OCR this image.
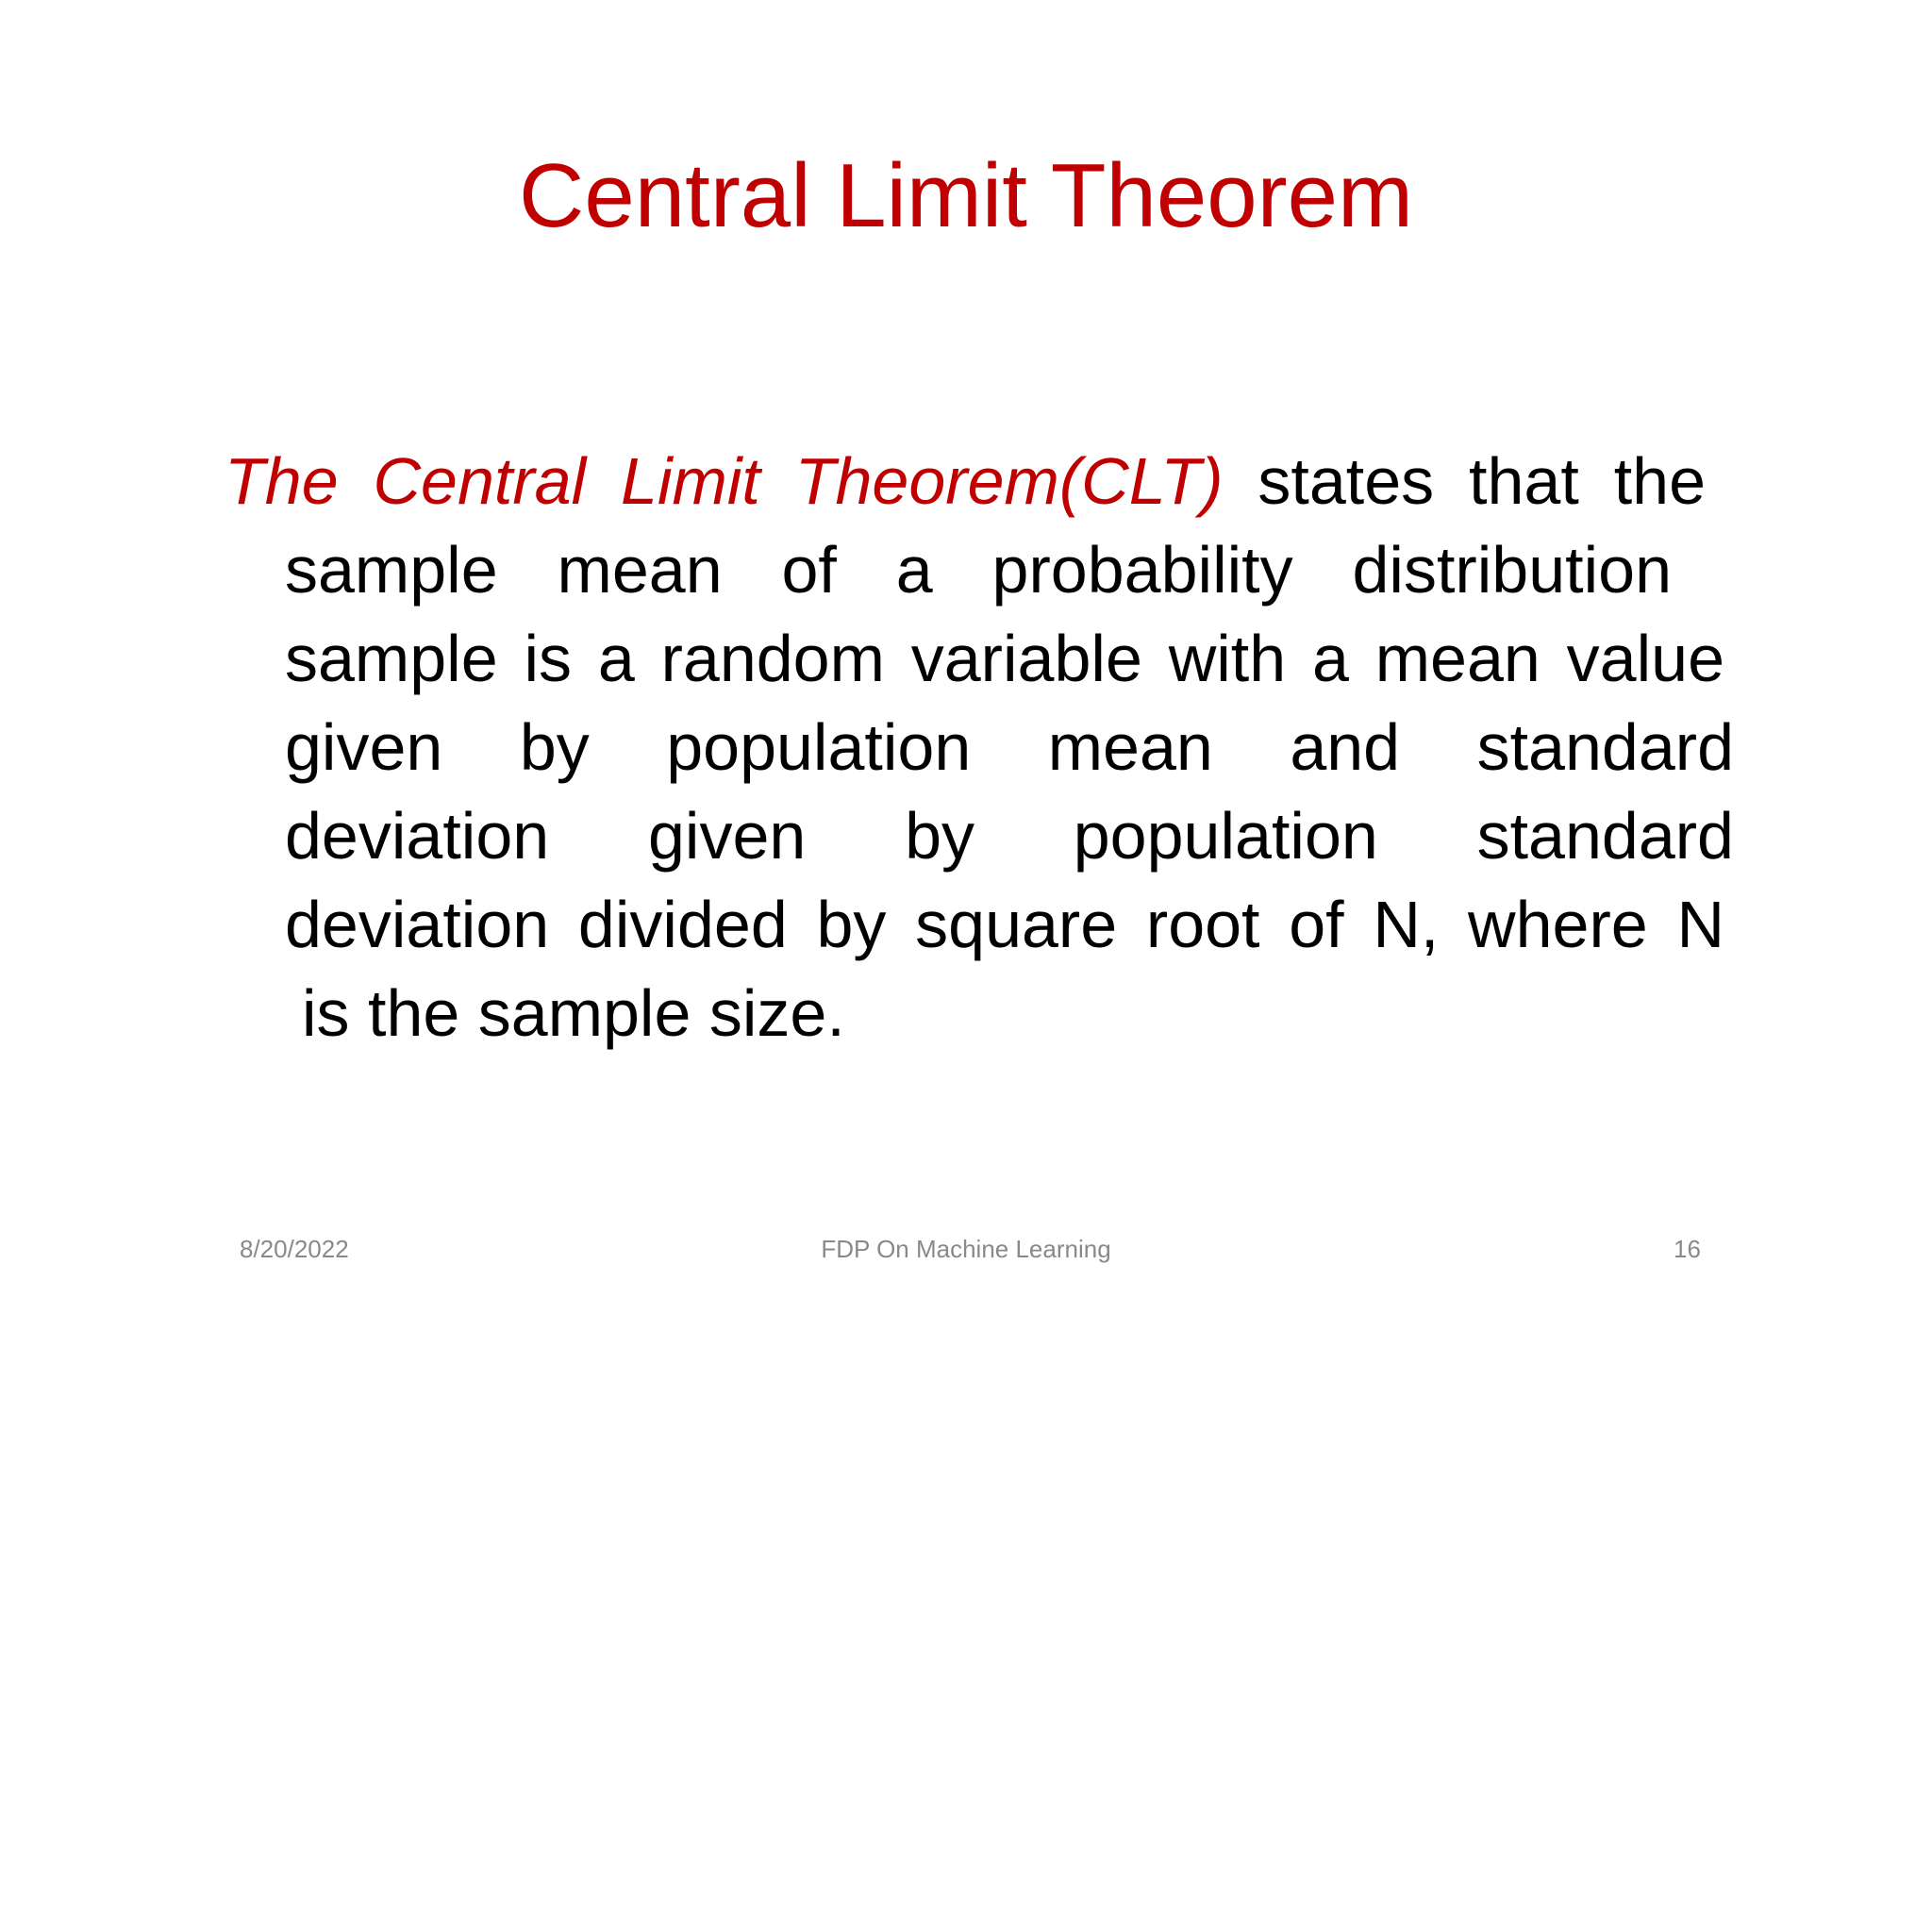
Central Limit Theorem
The Central Limit Theorem(CLT) states that the
sample mean of a probability distribution
sample is a random variable with a mean value
given by population mean and standard
deviation given by population standard
deviation divided by square root of N, where N
is the sample size.
8/20/2022	FDP On Machine Learning	16
